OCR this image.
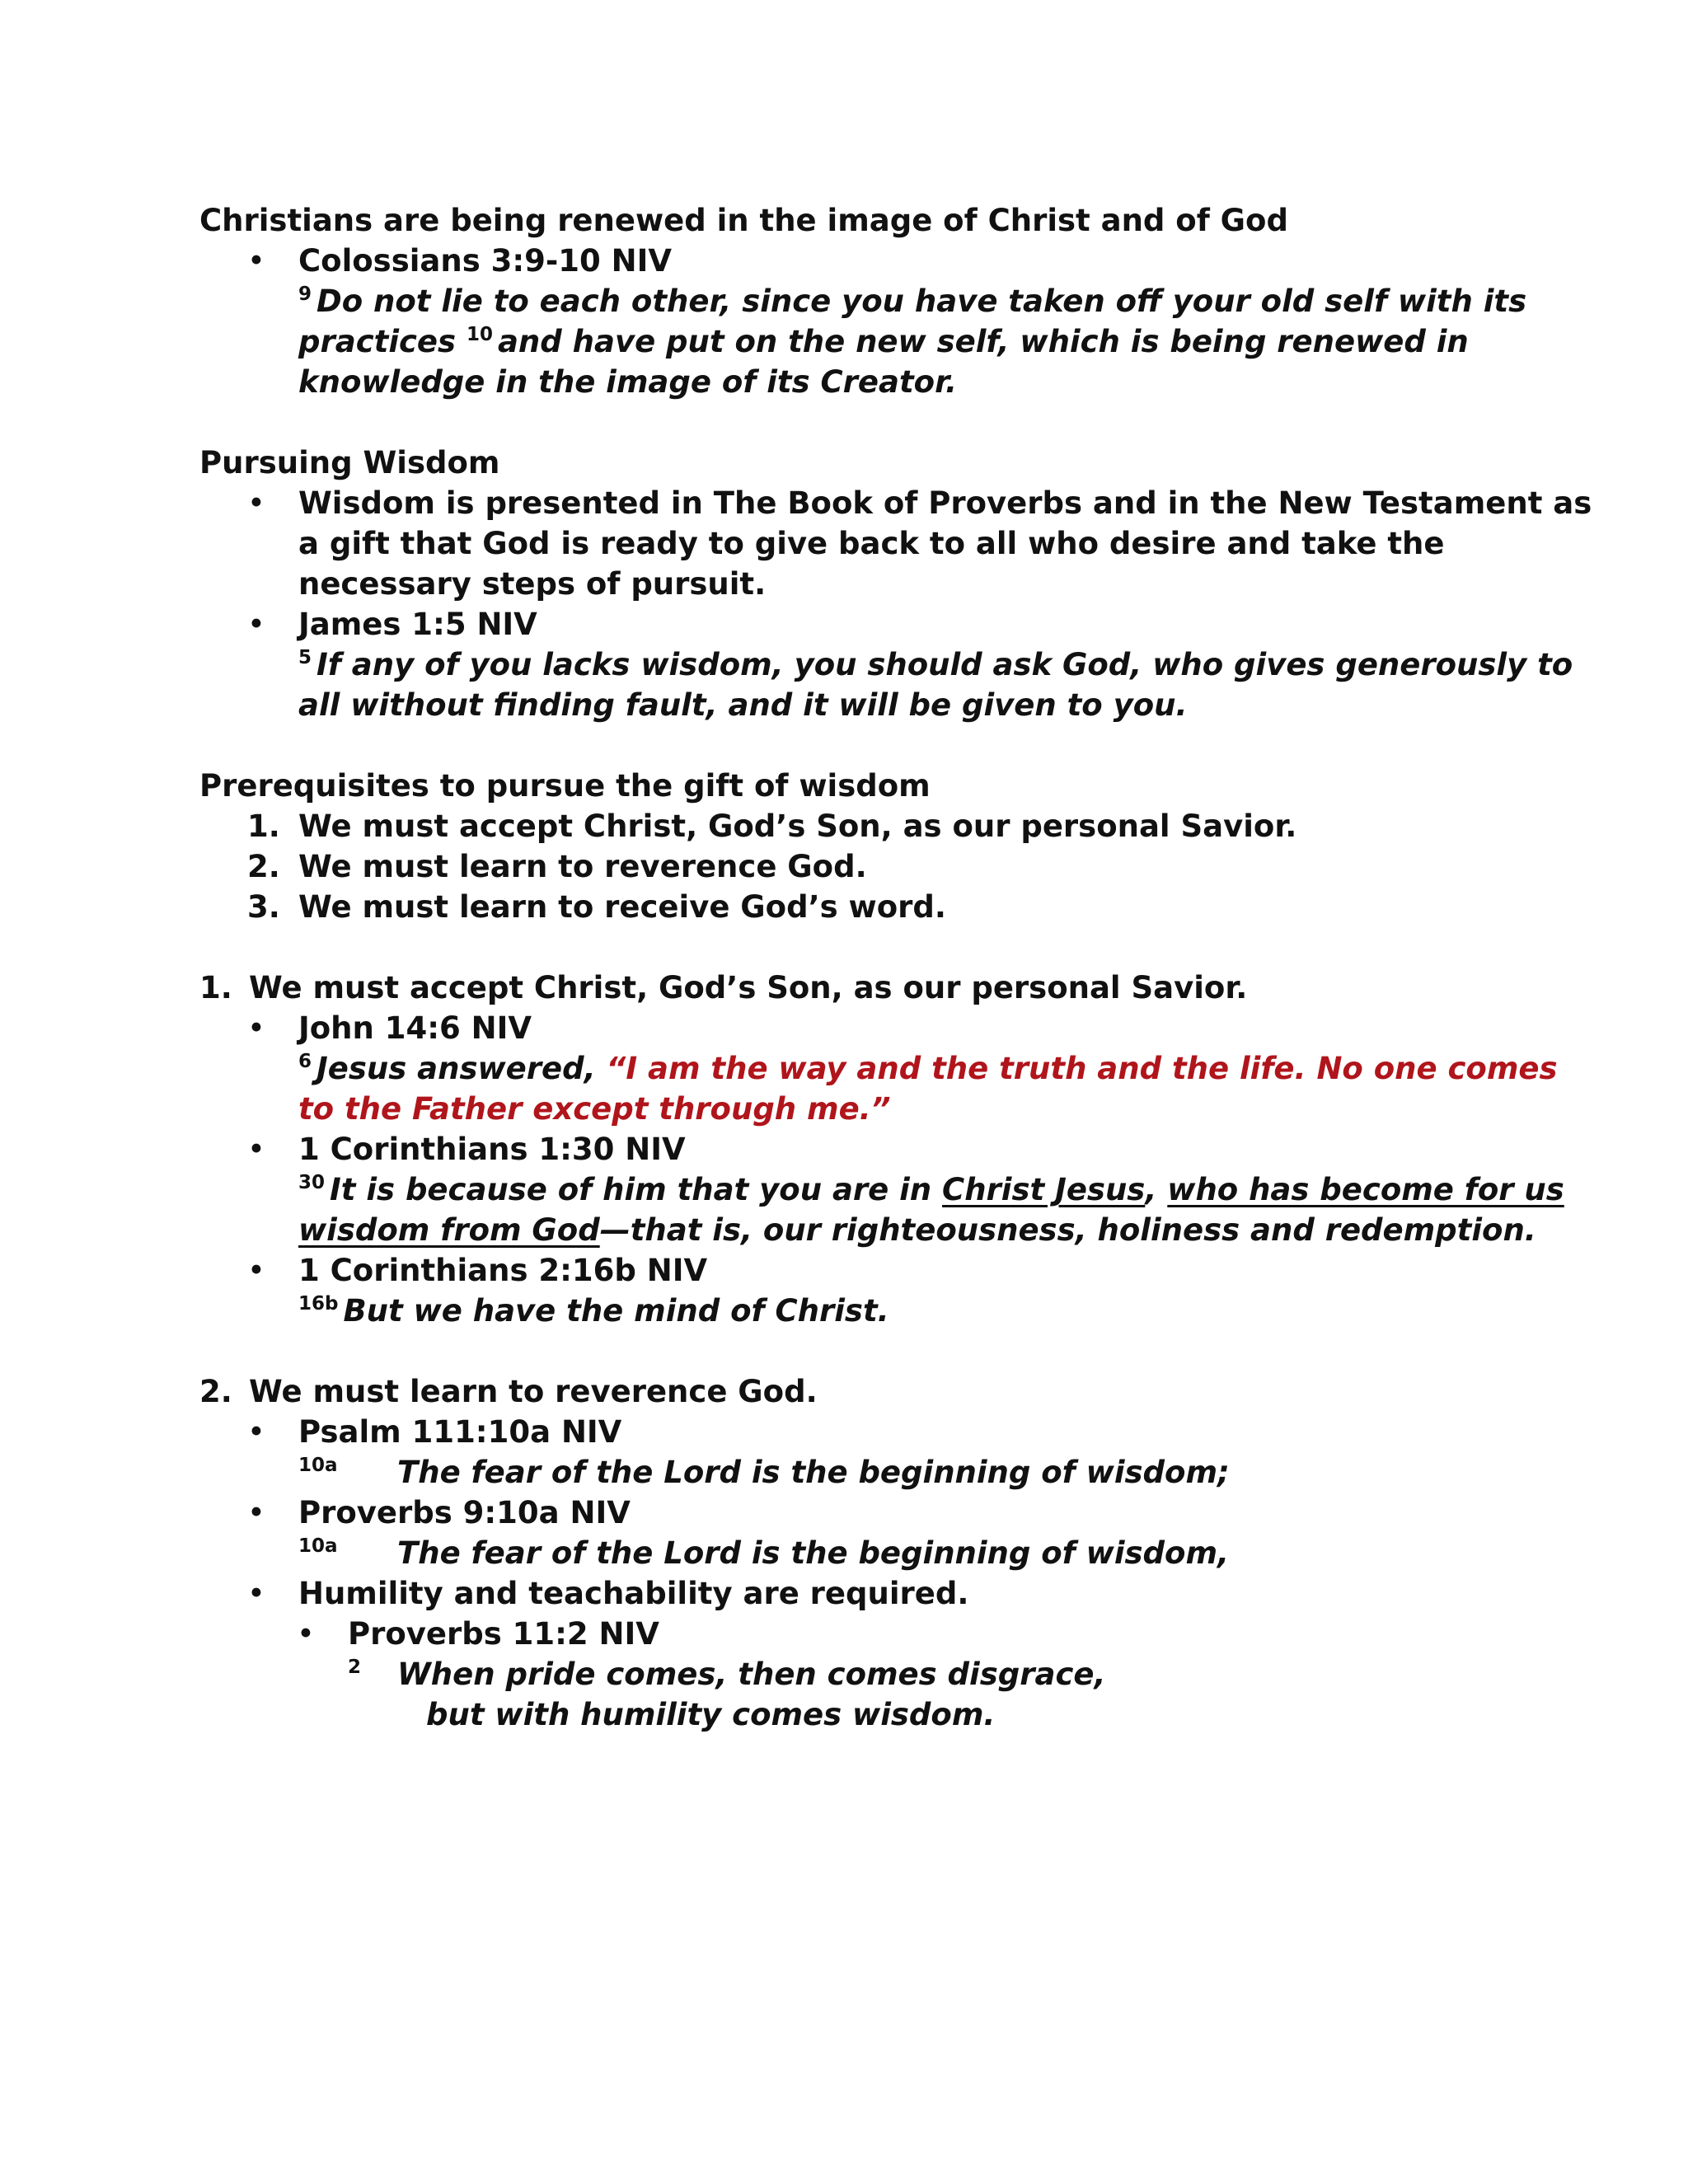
Christians are being renewed in the image of Christ and of God
• Colossians 3:9-10 NIV
$^9$ Do not lie to each other, since you have taken off your old self with its
practices $^{10}$ and have put on the new self, which is being renewed in
knowledge in the image of its Creator.
Pursuing Wisdom
• Wisdom is presented in The Book of Proverbs and in the New Testament as
a gift that God is ready to give back to all who desire and take the
necessary steps of pursuit.
• James 1:5 NIV
$^5$ If any of you lacks wisdom, you should ask God, who gives generously to
all without finding fault, and it will be given to you.
Prerequisites to pursue the gift of wisdom
1. We must accept Christ, God’s Son, as our personal Savior.
2. We must learn to reverence God.
3. We must learn to receive God’s word.
1. We must accept Christ, God’s Son, as our personal Savior.
• John 14:6 NIV
$^6$ Jesus answered, “I am the way and the truth and the life. No one comes
to the Father except through me.”
• 1 Corinthians 1:30 NIV
$^{30}$ It is because of him that you are in Christ Jesus, who has become for us
wisdom from God—that is, our righteousness, holiness and redemption.
• 1 Corinthians 2:16b NIV
$^{16b}$ But we have the mind of Christ.
2. We must learn to reverence God.
• Psalm 111:10a NIV
10a The fear of the Lord is the beginning of wisdom;
• Proverbs 9:10a NIV
10a The fear of the Lord is the beginning of wisdom,
• Humility and teachability are required.
• Proverbs 11:2 NIV
2 When pride comes, then comes disgrace,
but with humility comes wisdom.
